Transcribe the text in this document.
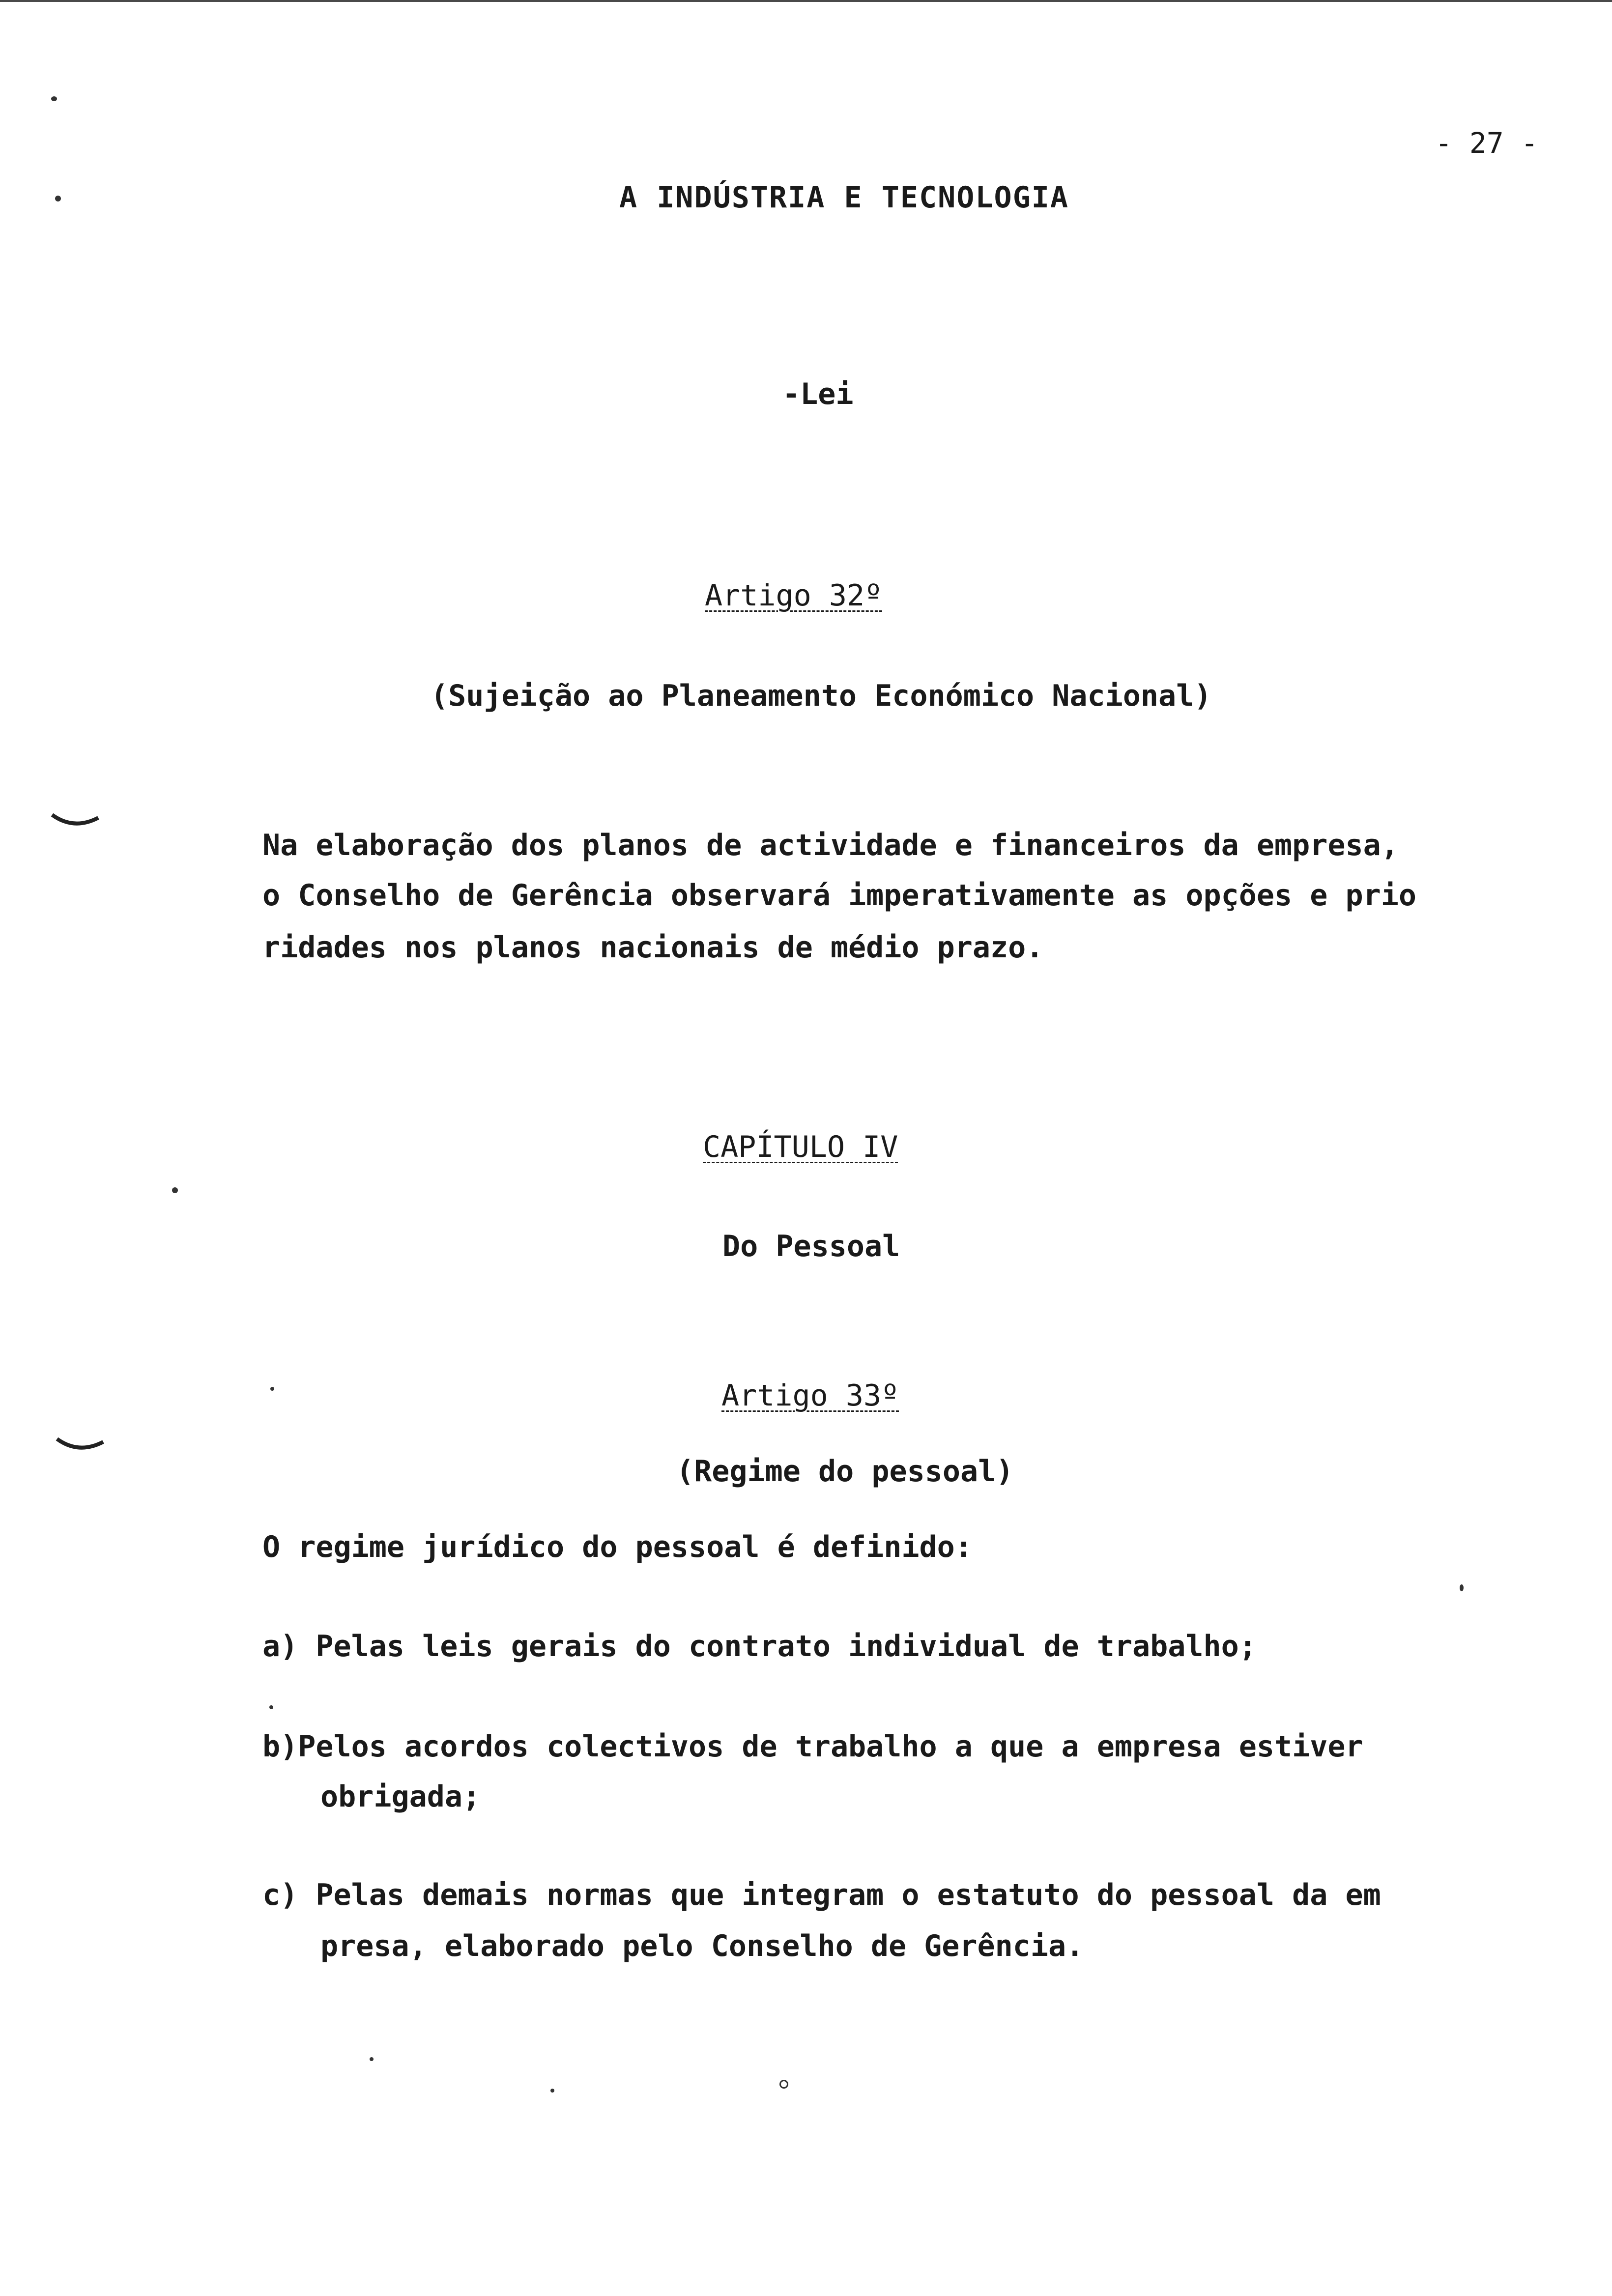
- 27 -
A INDÚSTRIA E TECNOLOGIA
-Lei
Artigo 32º
(Sujeição ao Planeamento Económico Nacional)
Na elaboração dos planos de actividade e financeiros da empresa,
o Conselho de Gerência observará imperativamente as opções e prio
ridades nos planos nacionais de médio prazo.
CAPÍTULO IV
Do Pessoal
Artigo 33º
(Regime do pessoal)
O regime jurídico do pessoal é definido:
a) Pelas leis gerais do contrato individual de trabalho;
b)Pelos acordos colectivos de trabalho a que a empresa estiver
obrigada;
c) Pelas demais normas que integram o estatuto do pessoal da em
presa, elaborado pelo Conselho de Gerência.
